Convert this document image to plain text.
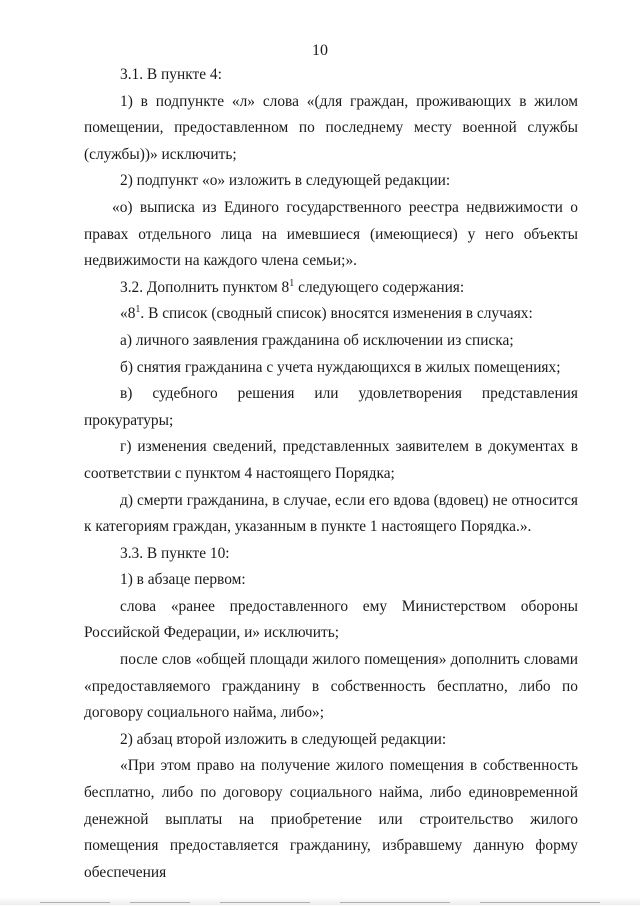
10

3.1. В пункте 4:

1) в подпункте «л» слова «(для граждан, проживающих в жилом помещении, предоставленном по последнему месту военной службы (службы))» исключить;

2) подпункт «о» изложить в следующей редакции:

«о) выписка из Единого государственного реестра недвижимости о правах отдельного лица на имевшиеся (имеющиеся) у него объекты недвижимости на каждого члена семьи;».

3.2. Дополнить пунктом $8^1$ следующего содержания:

«$8^1$. В список (сводный список) вносятся изменения в случаях:

а) личного заявления гражданина об исключении из списка;

б) снятия гражданина с учета нуждающихся в жилых помещениях;

в) судебного решения или удовлетворения представления прокуратуры;

г) изменения сведений, представленных заявителем в документах в соответствии с пунктом 4 настоящего Порядка;

д) смерти гражданина, в случае, если его вдова (вдовец) не относится к категориям граждан, указанным в пункте 1 настоящего Порядка.».

3.3. В пункте 10:

1) в абзаце первом:

слова «ранее предоставленного ему Министерством обороны Российской Федерации, и» исключить;

после слов «общей площади жилого помещения» дополнить словами «предоставляемого гражданину в собственность бесплатно, либо по договору социального найма, либо»;

2) абзац второй изложить в следующей редакции:

«При этом право на получение жилого помещения в собственность бесплатно, либо по договору социального найма, либо единовременной денежной выплаты на приобретение или строительство жилого помещения предоставляется гражданину, избравшему данную форму обеспечения
